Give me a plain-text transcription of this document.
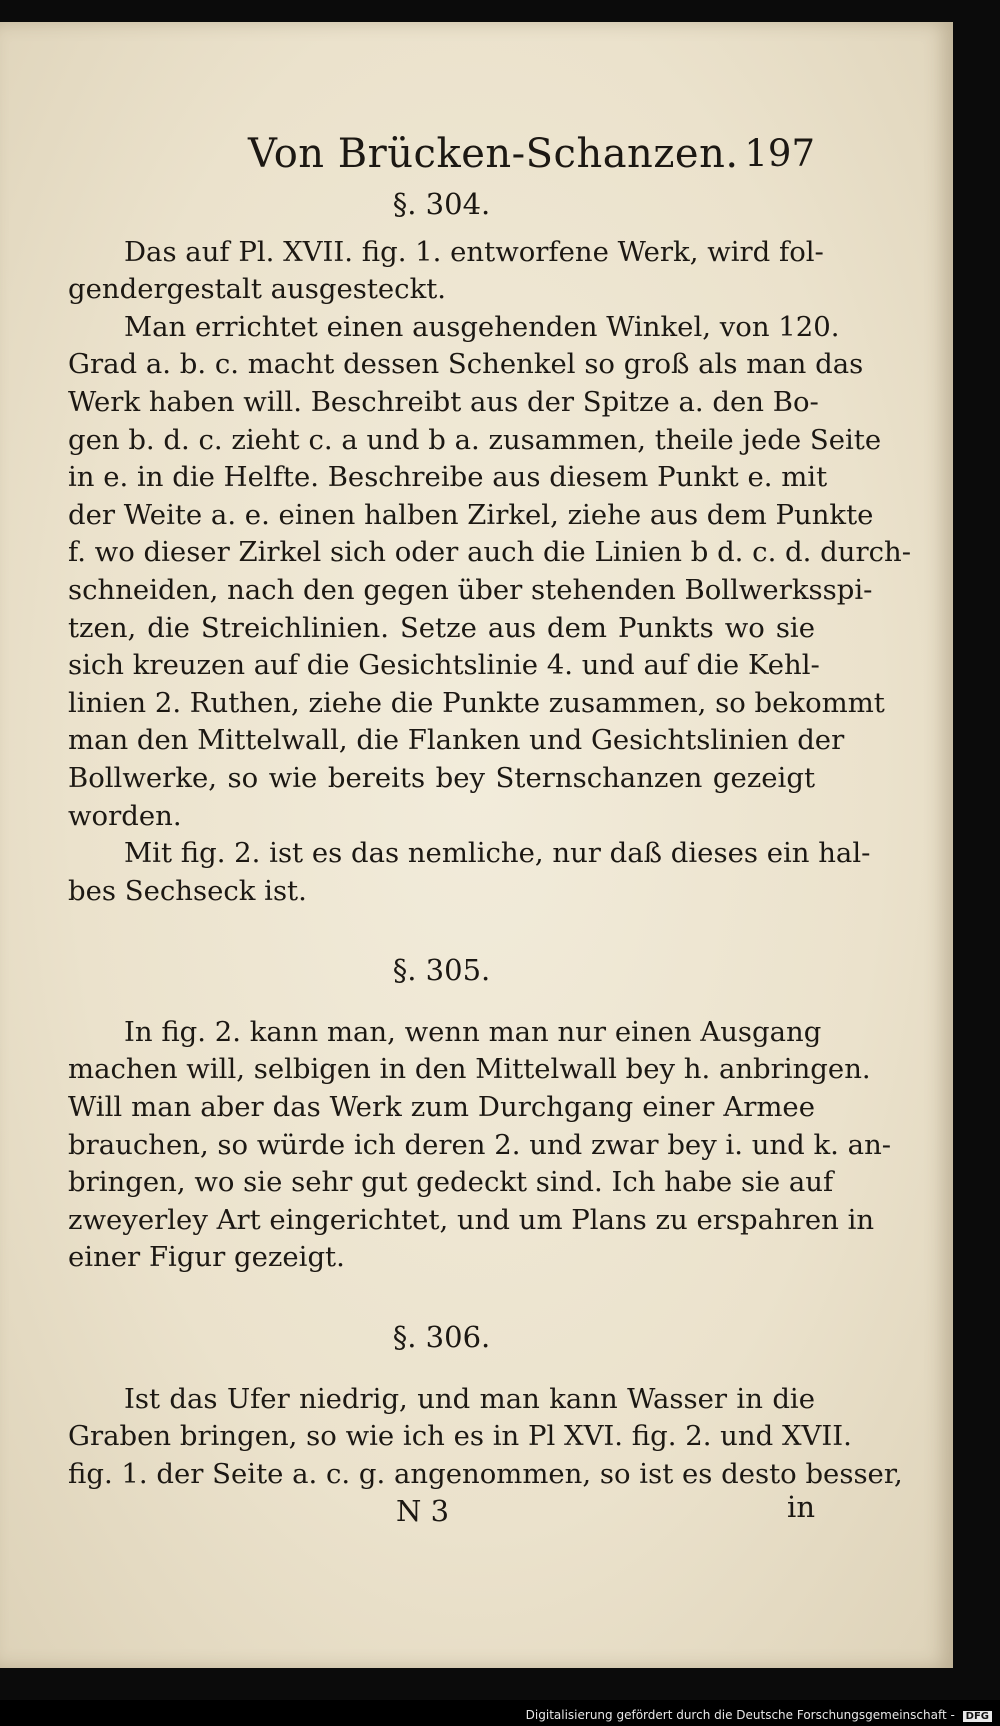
Von Brücken-Schanzen. 197
§. 304.

Das auf Pl. XVII. fig. 1. entworfene Werk, wird fol-
gendergestalt ausgesteckt.

Man errichtet einen ausgehenden Winkel, von 120.
Grad a. b. c. macht dessen Schenkel so groß als man das
Werk haben will. Beschreibt aus der Spitze a. den Bo-
gen b. d. c. zieht c. a und b a. zusammen, theile jede Seite
in e. in die Helfte. Beschreibe aus diesem Punkt e. mit
der Weite a. e. einen halben Zirkel, ziehe aus dem Punkte
f. wo dieser Zirkel sich oder auch die Linien b d. c. d. durch-
schneiden, nach den gegen über stehenden Bollwerksspi-
tzen, die Streichlinien. Setze aus dem Punkts wo sie
sich kreuzen auf die Gesichtslinie 4. und auf die Kehl-
linien 2. Ruthen, ziehe die Punkte zusammen, so bekommt
man den Mittelwall, die Flanken und Gesichtslinien der
Bollwerke, so wie bereits bey Sternschanzen gezeigt
worden.

Mit fig. 2. ist es das nemliche, nur daß dieses ein hal-
bes Sechseck ist.

§. 305.

In fig. 2. kann man, wenn man nur einen Ausgang
machen will, selbigen in den Mittelwall bey h. anbringen.
Will man aber das Werk zum Durchgang einer Armee
brauchen, so würde ich deren 2. und zwar bey i. und k. an-
bringen, wo sie sehr gut gedeckt sind. Ich habe sie auf
zweyerley Art eingerichtet, und um Plans zu erspahren in
einer Figur gezeigt.

§. 306.

Ist das Ufer niedrig, und man kann Wasser in die
Graben bringen, so wie ich es in Pl XVI. fig. 2. und XVII.
fig. 1. der Seite a. c. g. angenommen, so ist es desto besser,

N 3	in
Digitalisierung gefördert durch die Deutsche Forschungsgemeinschaft - DFG
